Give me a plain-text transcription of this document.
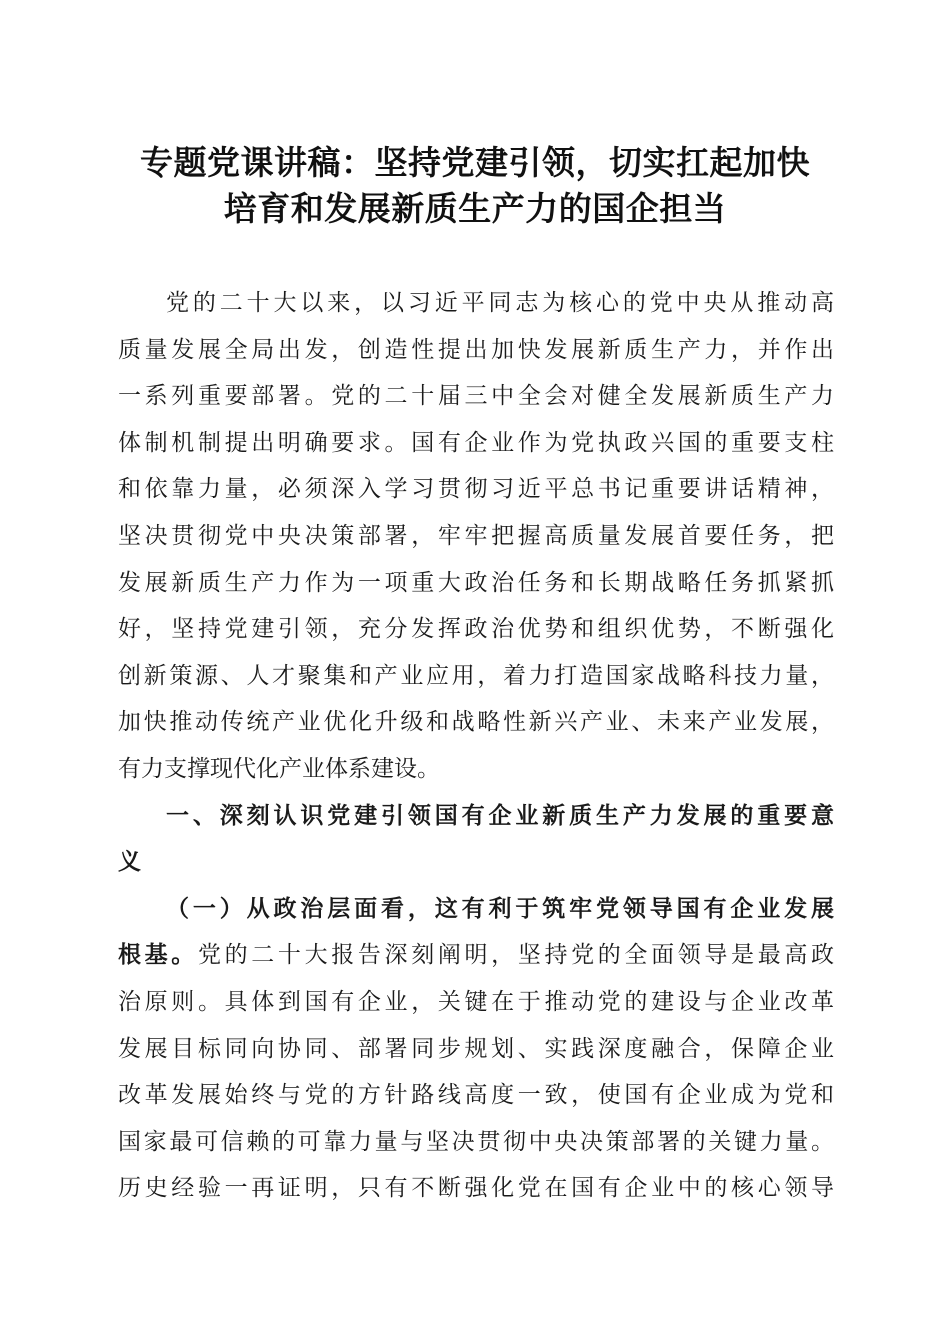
专题党课讲稿：坚持党建引领，切实扛起加快
培育和发展新质生产力的国企担当

党的二十大以来，以习近平同志为核心的党中央从推动高
质量发展全局出发，创造性提出加快发展新质生产力，并作出
一系列重要部署。党的二十届三中全会对健全发展新质生产力
体制机制提出明确要求。国有企业作为党执政兴国的重要支柱
和依靠力量，必须深入学习贯彻习近平总书记重要讲话精神，
坚决贯彻党中央决策部署，牢牢把握高质量发展首要任务，把
发展新质生产力作为一项重大政治任务和长期战略任务抓紧抓
好，坚持党建引领，充分发挥政治优势和组织优势，不断强化
创新策源、人才聚集和产业应用，着力打造国家战略科技力量，
加快推动传统产业优化升级和战略性新兴产业、未来产业发展，
有力支撑现代化产业体系建设。

一、深刻认识党建引领国有企业新质生产力发展的重要意
义

（一）从政治层面看，这有利于筑牢党领导国有企业发展
根基。党的二十大报告深刻阐明，坚持党的全面领导是最高政
治原则。具体到国有企业，关键在于推动党的建设与企业改革
发展目标同向协同、部署同步规划、实践深度融合，保障企业
改革发展始终与党的方针路线高度一致，使国有企业成为党和
国家最可信赖的可靠力量与坚决贯彻中央决策部署的关键力量。
历史经验一再证明，只有不断强化党在国有企业中的核心领导
